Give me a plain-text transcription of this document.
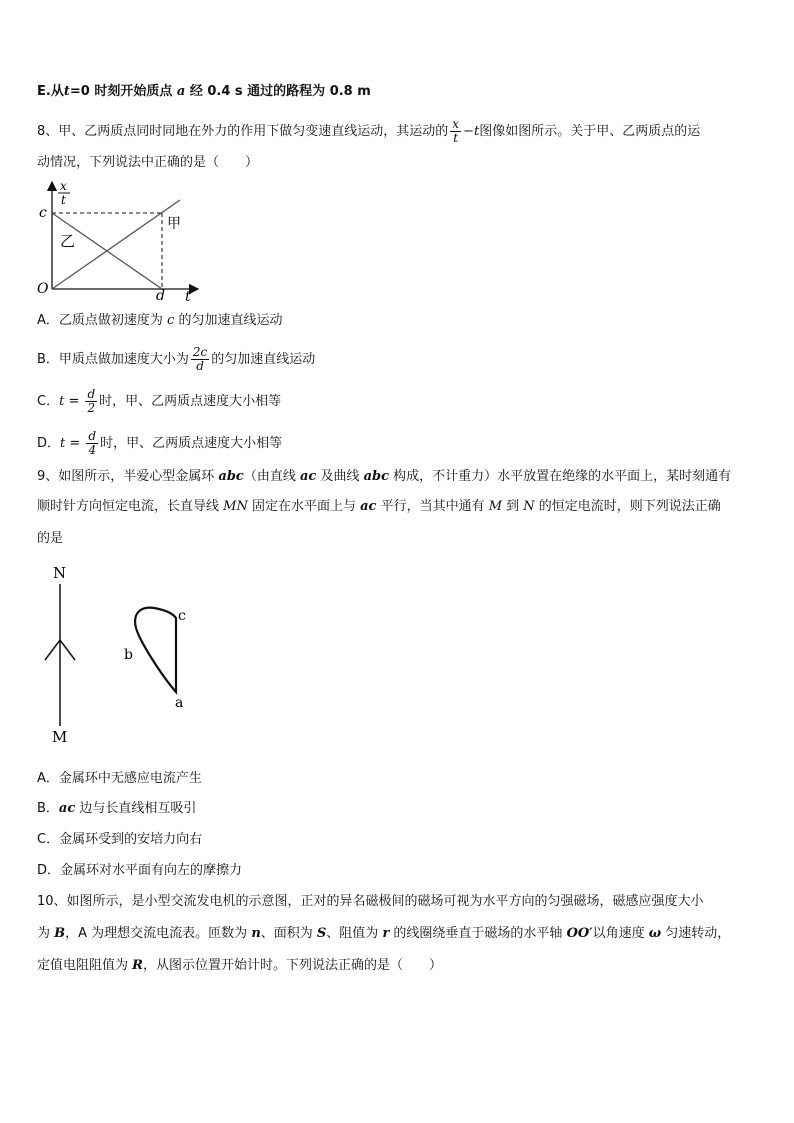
E.从t=0 时刻开始质点 a 经 0.4 s 通过的路程为 0.8 m
8、甲、乙两质点同时同地在外力的作用下做匀变速直线运动，其运动的 $\frac{x}{t} -t$图像如图所示。关于甲、乙两质点的运
动情况，下列说法中正确的是（　　）
x
t
c
O	d t
甲
乙
A．乙质点做初速度为 c 的匀加速直线运动
B．甲质点做加速度大小为 $\frac{2c}{d}$ 的匀加速直线运动
C．$t = \frac{d}{2}$ 时，甲、乙两质点速度大小相等
D．$t = \frac{d}{4}$ 时，甲、乙两质点速度大小相等
9、如图所示，半爱心型金属环 abc（由直线 ac 及曲线 abc 构成，不计重力）水平放置在绝缘的水平面上，某时刻通有
顺时针方向恒定电流，长直导线 MN 固定在水平面上与 ac 平行，当其中通有 M 到 N 的恒定电流时，则下列说法正确
的是
N
M
c
b
a
A．金属环中无感应电流产生
B．ac 边与长直线相互吸引
C．金属环受到的安培力向右
D．金属环对水平面有向左的摩擦力
10、如图所示，是小型交流发电机的示意图，正对的异名磁极间的磁场可视为水平方向的匀强磁场，磁感应强度大小
为 B，A 为理想交流电流表。匝数为 n、面积为 S、阻值为 r 的线圈绕垂直于磁场的水平轴 OO′以角速度 ω 匀速转动，
定值电阻阻值为 R，从图示位置开始计时。下列说法正确的是（　　）
